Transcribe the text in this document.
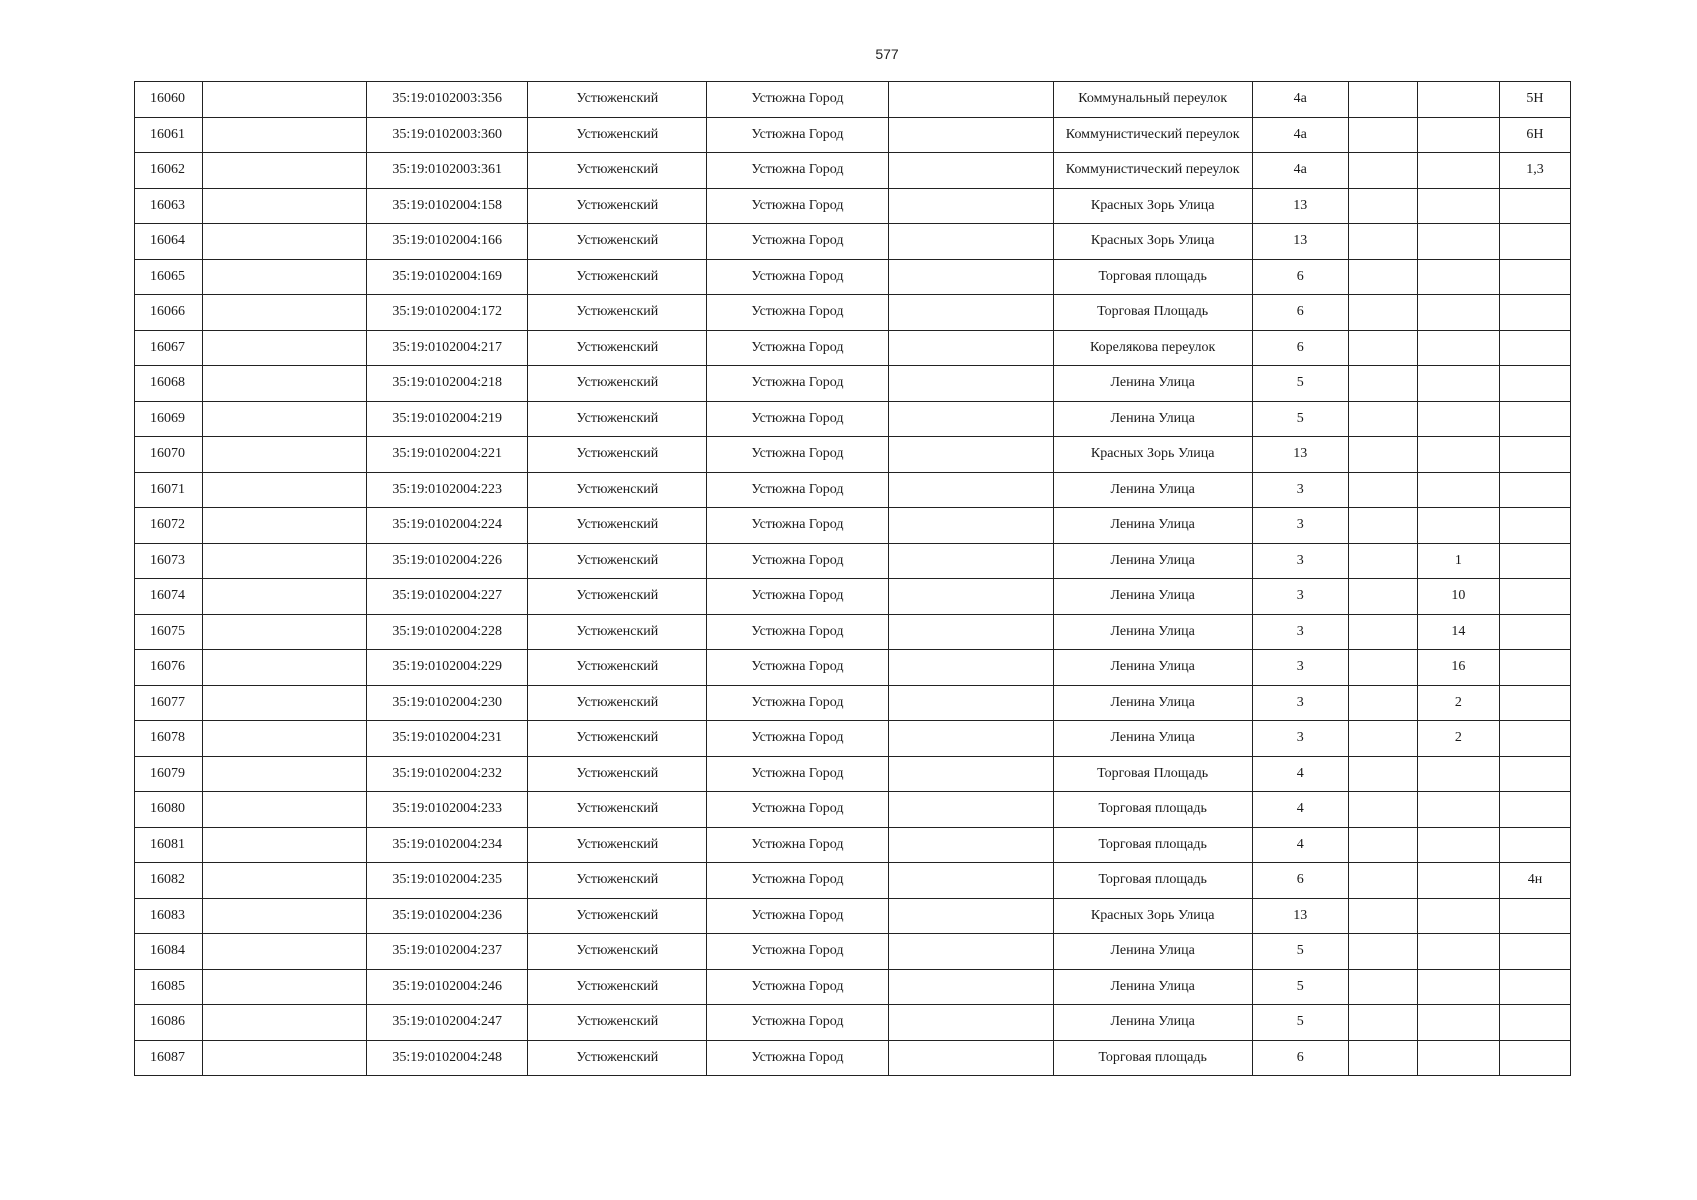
577
16060		35:19:0102003:356	Устюженский	Устюжна Город		Коммунальный переулок	4а			5Н
16061		35:19:0102003:360	Устюженский	Устюжна Город		Коммунистический переулок	4а			6Н
16062		35:19:0102003:361	Устюженский	Устюжна Город		Коммунистический переулок	4а			1,3
16063		35:19:0102004:158	Устюженский	Устюжна Город		Красных Зорь Улица	13			
16064		35:19:0102004:166	Устюженский	Устюжна Город		Красных Зорь Улица	13			
16065		35:19:0102004:169	Устюженский	Устюжна Город		Торговая площадь	6			
16066		35:19:0102004:172	Устюженский	Устюжна Город		Торговая Площадь	6			
16067		35:19:0102004:217	Устюженский	Устюжна Город		Корелякова переулок	6			
16068		35:19:0102004:218	Устюженский	Устюжна Город		Ленина Улица	5			
16069		35:19:0102004:219	Устюженский	Устюжна Город		Ленина Улица	5			
16070		35:19:0102004:221	Устюженский	Устюжна Город		Красных Зорь Улица	13			
16071		35:19:0102004:223	Устюженский	Устюжна Город		Ленина Улица	3			
16072		35:19:0102004:224	Устюженский	Устюжна Город		Ленина Улица	3			
16073		35:19:0102004:226	Устюженский	Устюжна Город		Ленина Улица	3		1	
16074		35:19:0102004:227	Устюженский	Устюжна Город		Ленина Улица	3		10	
16075		35:19:0102004:228	Устюженский	Устюжна Город		Ленина Улица	3		14	
16076		35:19:0102004:229	Устюженский	Устюжна Город		Ленина Улица	3		16	
16077		35:19:0102004:230	Устюженский	Устюжна Город		Ленина Улица	3		2	
16078		35:19:0102004:231	Устюженский	Устюжна Город		Ленина Улица	3		2	
16079		35:19:0102004:232	Устюженский	Устюжна Город		Торговая Площадь	4			
16080		35:19:0102004:233	Устюженский	Устюжна Город		Торговая площадь	4			
16081		35:19:0102004:234	Устюженский	Устюжна Город		Торговая площадь	4			
16082		35:19:0102004:235	Устюженский	Устюжна Город		Торговая площадь	6			4н
16083		35:19:0102004:236	Устюженский	Устюжна Город		Красных Зорь Улица	13			
16084		35:19:0102004:237	Устюженский	Устюжна Город		Ленина Улица	5			
16085		35:19:0102004:246	Устюженский	Устюжна Город		Ленина Улица	5			
16086		35:19:0102004:247	Устюженский	Устюжна Город		Ленина Улица	5			
16087		35:19:0102004:248	Устюженский	Устюжна Город		Торговая площадь	6			
